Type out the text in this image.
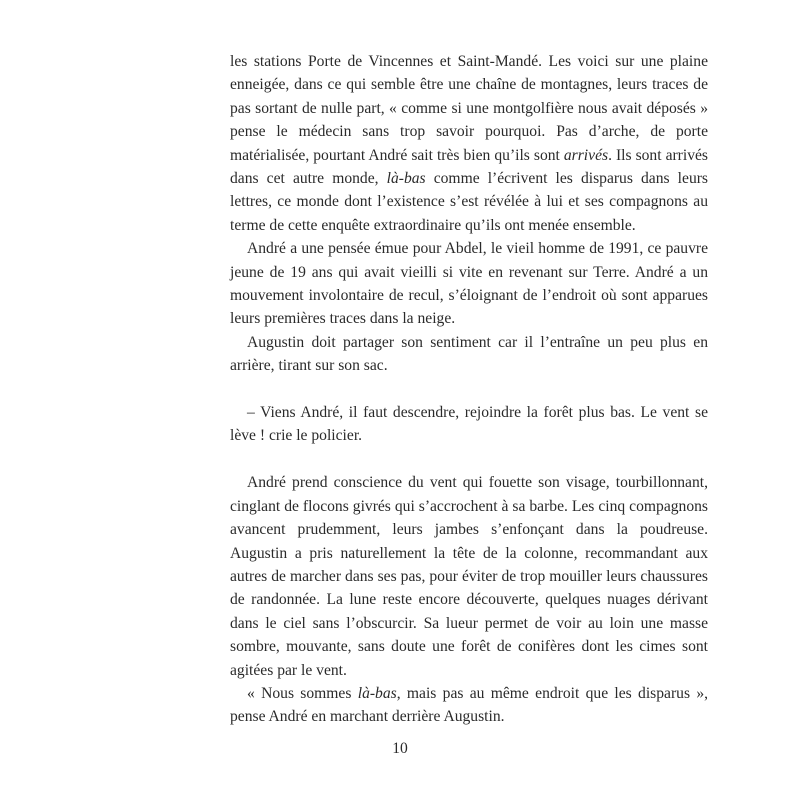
les stations Porte de Vincennes et Saint-Mandé. Les voici sur une plaine enneigée, dans ce qui semble être une chaîne de montagnes, leurs traces de pas sortant de nulle part, « comme si une montgolfière nous avait déposés » pense le médecin sans trop savoir pourquoi. Pas d’arche, de porte matérialisée, pourtant André sait très bien qu’ils sont arrivés. Ils sont arrivés dans cet autre monde, là-bas comme l’écrivent les disparus dans leurs lettres, ce monde dont l’existence s’est révélée à lui et ses compagnons au terme de cette enquête extraordinaire qu’ils ont menée ensemble.

André a une pensée émue pour Abdel, le vieil homme de 1991, ce pauvre jeune de 19 ans qui avait vieilli si vite en revenant sur Terre. André a un mouvement involontaire de recul, s’éloignant de l’endroit où sont apparues leurs premières traces dans la neige.

Augustin doit partager son sentiment car il l’entraîne un peu plus en arrière, tirant sur son sac.

– Viens André, il faut descendre, rejoindre la forêt plus bas. Le vent se lève ! crie le policier.

André prend conscience du vent qui fouette son visage, tourbillonnant, cinglant de flocons givrés qui s’accrochent à sa barbe. Les cinq compagnons avancent prudemment, leurs jambes s’enfonçant dans la poudreuse. Augustin a pris naturellement la tête de la colonne, recommandant aux autres de marcher dans ses pas, pour éviter de trop mouiller leurs chaussures de randonnée. La lune reste encore découverte, quelques nuages dérivant dans le ciel sans l’obscurcir. Sa lueur permet de voir au loin une masse sombre, mouvante, sans doute une forêt de conifères dont les cimes sont agitées par le vent.

« Nous sommes là-bas, mais pas au même endroit que les disparus », pense André en marchant derrière Augustin.

10
